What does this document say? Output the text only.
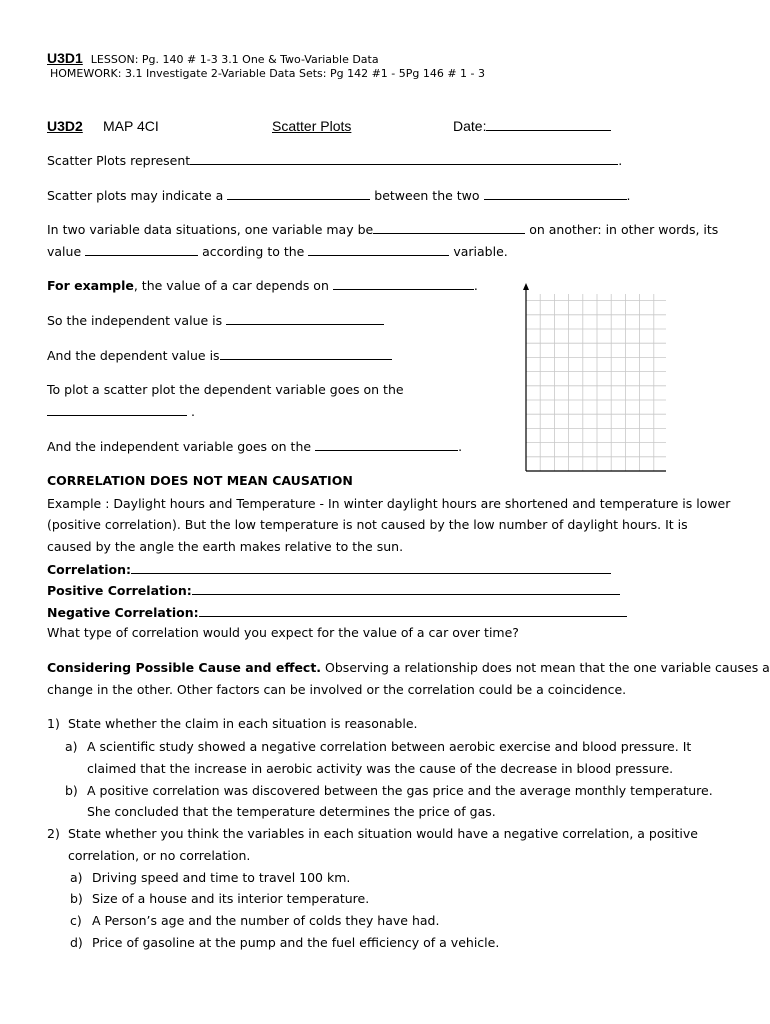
U3D1 LESSON: Pg. 140 # 1-3 3.1 One & Two-Variable Data
HOMEWORK: 3.1 Investigate 2-Variable Data Sets: Pg 142 #1 - 5Pg 146 # 1 - 3
U3D2 MAP 4CI	Scatter Plots	Date:
Scatter Plots represent	.
Scatter plots may indicate a	between the two	.
In two variable data situations, one variable may be	on another: in other words, its
value	according to the	variable.
For example, the value of a car depends on	.
So the independent value is
And the dependent value is
To plot a scatter plot the dependent variable goes on the
.
And the independent variable goes on the	.
CORRELATION DOES NOT MEAN CAUSATION
Example : Daylight hours and Temperature - In winter daylight hours are shortened and temperature is lower
(positive correlation). But the low temperature is not caused by the low number of daylight hours. It is
caused by the angle the earth makes relative to the sun.
Correlation:
Positive Correlation:
Negative Correlation:
What type of correlation would you expect for the value of a car over time?
Considering Possible Cause and effect. Observing a relationship does not mean that the one variable causes a
change in the other. Other factors can be involved or the correlation could be a coincidence.
1) State whether the claim in each situation is reasonable.
a) A scientific study showed a negative correlation between aerobic exercise and blood pressure. It
claimed that the increase in aerobic activity was the cause of the decrease in blood pressure.
b) A positive correlation was discovered between the gas price and the average monthly temperature.
She concluded that the temperature determines the price of gas.
2) State whether you think the variables in each situation would have a negative correlation, a positive
correlation, or no correlation.
a) Driving speed and time to travel 100 km.
b) Size of a house and its interior temperature.
c) A Person’s age and the number of colds they have had.
d) Price of gasoline at the pump and the fuel efficiency of a vehicle.
